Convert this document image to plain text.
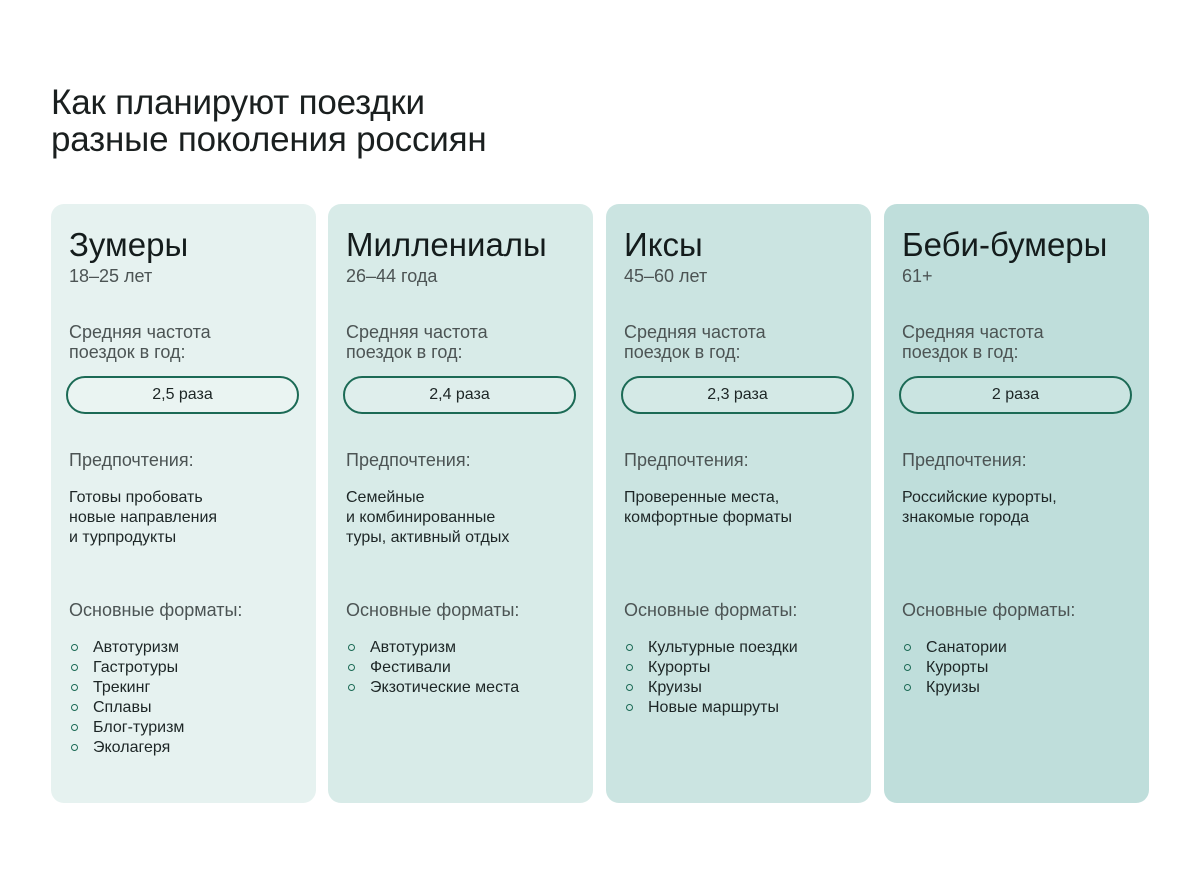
Как планируют поездки
разные поколения россиян
Зумеры
18–25 лет
Средняя частота
поездок в год:
2,5 раза
Предпочтения:
Готовы пробовать
новые направления
и турпродукты
Основные форматы:
Автотуризм
Гастротуры
Трекинг
Сплавы
Блог-туризм
Эколагеря
Миллениалы
26–44 года
Средняя частота
поездок в год:
2,4 раза
Предпочтения:
Семейные
и комбинированные
туры, активный отдых
Основные форматы:
Автотуризм
Фестивали
Экзотические места
Иксы
45–60 лет
Средняя частота
поездок в год:
2,3 раза
Предпочтения:
Проверенные места,
комфортные форматы
Основные форматы:
Культурные поездки
Курорты
Круизы
Новые маршруты
Беби-бумеры
61+
Средняя частота
поездок в год:
2 раза
Предпочтения:
Российские курорты,
знакомые города
Основные форматы:
Санатории
Курорты
Круизы
